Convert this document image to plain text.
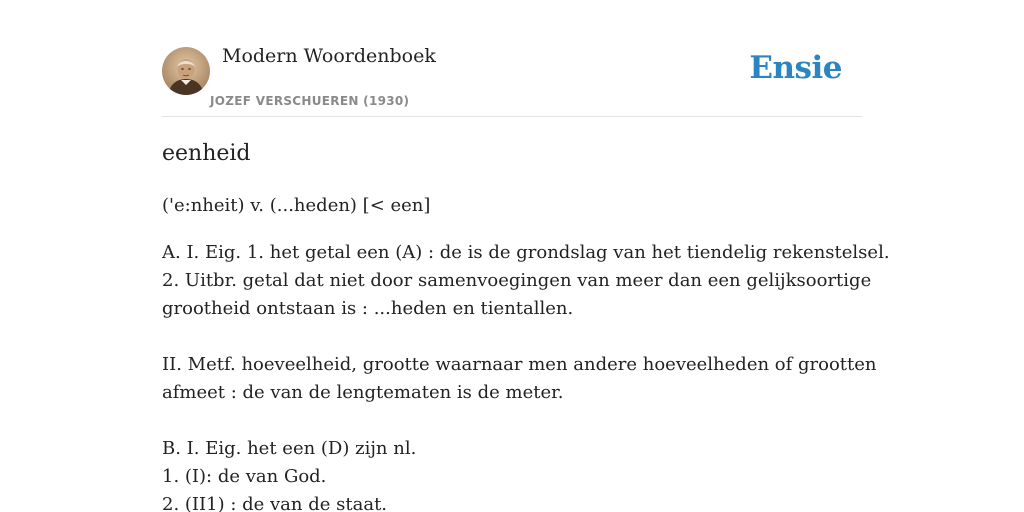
Modern Woordenboek
JOZEF VERSCHUEREN (1930)
Ensie
eenheid
('e:nheit) v. (...heden) [< een]
A. I. Eig. 1. het getal een (A) : de is de grondslag van het tiendelig rekenstelsel.
2. Uitbr. getal dat niet door samenvoegingen van meer dan een gelijksoortige
grootheid ontstaan is : ...heden en tientallen.
II. Metf. hoeveelheid, grootte waarnaar men andere hoeveelheden of grootten
afmeet : de van de lengtematen is de meter.
B. I. Eig. het een (D) zijn nl.
1. (I): de van God.
2. (II1) : de van de staat.
